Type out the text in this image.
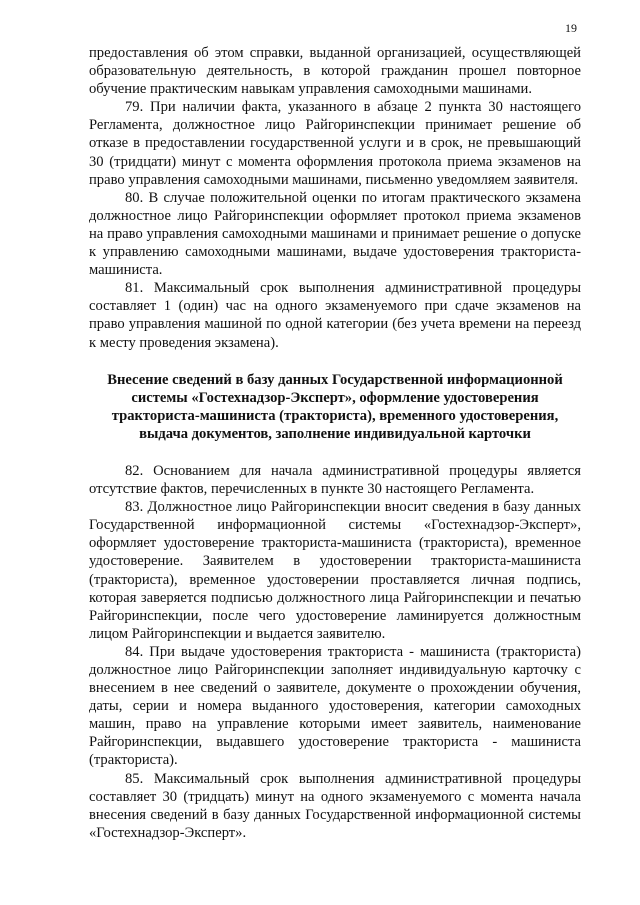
19

предоставления об этом справки, выданной организацией, осуществляющей образовательную деятельность, в которой гражданин прошел повторное обучение практическим навыкам управления самоходными машинами.

79. При наличии факта, указанного в абзаце 2 пункта 30 настоящего Регламента, должностное лицо Райгоринспекции принимает решение об отказе в предоставлении государственной услуги и в срок, не превышающий 30 (тридцати) минут с момента оформления протокола приема экзаменов на право управления самоходными машинами, письменно уведомляем заявителя.

80. В случае положительной оценки по итогам практического экзамена должностное лицо Райгоринспекции оформляет протокол приема экзаменов на право управления самоходными машинами и принимает решение о допуске к управлению самоходными машинами, выдаче удостоверения тракториста-машиниста.

81. Максимальный срок выполнения административной процедуры составляет 1 (один) час на одного экзаменуемого при сдаче экзаменов на право управления машиной по одной категории (без учета времени на переезд к месту проведения экзамена).

Внесение сведений в базу данных Государственной информационной системы «Гостехнадзор-Эксперт», оформление удостоверения тракториста-машиниста (тракториста), временного удостоверения, выдача документов, заполнение индивидуальной карточки

82. Основанием для начала административной процедуры является отсутствие фактов, перечисленных в пункте 30 настоящего Регламента.

83. Должностное лицо Райгоринспекции вносит сведения в базу данных Государственной информационной системы «Гостехнадзор-Эксперт», оформляет удостоверение тракториста-машиниста (тракториста), временное удостоверение. Заявителем в удостоверении тракториста-машиниста (тракториста), временное удостоверении проставляется личная подпись, которая заверяется подписью должностного лица Райгоринспекции и печатью Райгоринспекции, после чего удостоверение ламинируется должностным лицом Райгоринспекции и выдается заявителю.

84. При выдаче удостоверения тракториста - машиниста (тракториста) должностное лицо Райгоринспекции заполняет индивидуальную карточку с внесением в нее сведений о заявителе, документе о прохождении обучения, даты, серии и номера выданного удостоверения, категории самоходных машин, право на управление которыми имеет заявитель, наименование Райгоринспекции, выдавшего удостоверение тракториста - машиниста (тракториста).

85. Максимальный срок выполнения административной процедуры составляет 30 (тридцать) минут на одного экзаменуемого с момента начала внесения сведений в базу данных Государственной информационной системы «Гостехнадзор-Эксперт».
